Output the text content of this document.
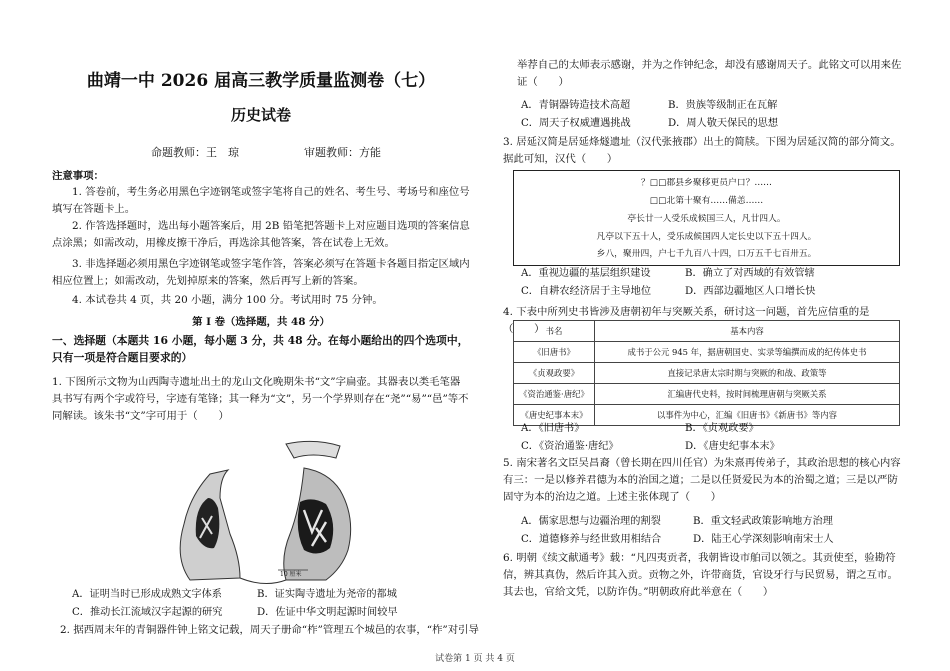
曲靖一中 2026 届高三教学质量监测卷（七）
历史试卷
命题教师：王　琼	审题教师：方能
注意事项：
1. 答卷前，考生务必用黑色字迹钢笔或签字笔将自己的姓名、考生号、考场号和座位号填写在答题卡上。
2. 作答选择题时，选出每小题答案后，用 2B 铅笔把答题卡上对应题目选项的答案信息点涂黑；如需改动，用橡皮擦干净后，再选涂其他答案，答在试卷上无效。
3. 非选择题必须用黑色字迹钢笔或签字笔作答，答案必须写在答题卡各题目指定区域内相应位置上；如需改动，先划掉原来的答案，然后再写上新的答案。
4. 本试卷共 4 页，共 20 小题，满分 100 分。考试用时 75 分钟。
第 Ⅰ 卷（选择题，共 48 分）
一、选择题（本题共 16 小题，每小题 3 分，共 48 分。在每小题给出的四个选项中，只有一项是符合题目要求的）
1. 下图所示文物为山西陶寺遗址出土的龙山文化晚期朱书“文”字扁壶。其器表以类毛笔器具书写有两个字或符号，字迹有笔锋；其一释为“文”，另一个学界则存在“尧”“易”“邑”等不同解读。该朱书“文”字可用于（　　）
10 厘米
A．证明当时已形成成熟文字体系	B．证实陶寺遗址为尧帝的都城
C．推动长江流域汉字起源的研究	D．佐证中华文明起源时间较早
2. 据西周末年的青铜器件钟上铭文记载，周天子册命“柞”管理五个城邑的农事，“柞”对引导
举荐自己的太师表示感谢，并为之作钟纪念，却没有感谢周天子。此铭文可以用来佐证（　　）
A．青铜器铸造技术高超	B．贵族等级制正在瓦解
C．周天子权威遭遇挑战	D．周人敬天保民的思想
3. 居延汉简是居延烽燧遗址（汉代张掖郡）出土的简牍。下图为居延汉简的部分简文。据此可知，汉代（　　）
？□□郡县乡聚移更员户口？……
□□北第十聚有……備恙……
亭长廿一人受乐成候国三人，凡廿四人。
凡亭以下五十人，受乐成候国四人定长史以下五十四人。
乡八，聚卅四，户七千九百八十四，口万五千七百卅五。
A．重视边疆的基层组织建设	B．确立了对西域的有效管辖
C．自耕农经济居于主导地位	D．西部边疆地区人口增长快
4. 下表中所列史书皆涉及唐朝初年与突厥关系，研讨这一问题，首先应信重的是（　　） 书名	基本内容
《旧唐书》	成书于公元 945 年，据唐朝国史、实录等编撰而成的纪传体史书
《贞观政要》	直接记录唐太宗时期与突厥的和战、政策等
《资治通鉴·唐纪》	汇编唐代史料，按时间梳理唐朝与突厥关系
《唐史纪事本末》	以事件为中心，汇编《旧唐书》《新唐书》等内容
A．《旧唐书》	B．《贞观政要》
C．《资治通鉴·唐纪》	D．《唐史纪事本末》
5. 南宋著名文臣吴昌裔（曾长期在四川任官）为朱熹再传弟子，其政治思想的核心内容有三：一是以修养君德为本的治国之道；二是以任贤爱民为本的治蜀之道；三是以严防固守为本的治边之道。上述主张体现了（　　）
A．儒家思想与边疆治理的割裂	B．重文轻武政策影响地方治理
C．道德修养与经世致用相结合	D．陆王心学深刻影响南宋士人
6. 明朝《续文献通考》载：“凡四夷贡者，我朝皆设市舶司以领之。其贡使至，验勘符信，辨其真伪，然后许其入贡。贡物之外，许带商货，官设牙行与民贸易，谓之互市。其去也，官给文凭，以防诈伪。”明朝政府此举意在（　　）
试卷第 1 页 共 4 页
